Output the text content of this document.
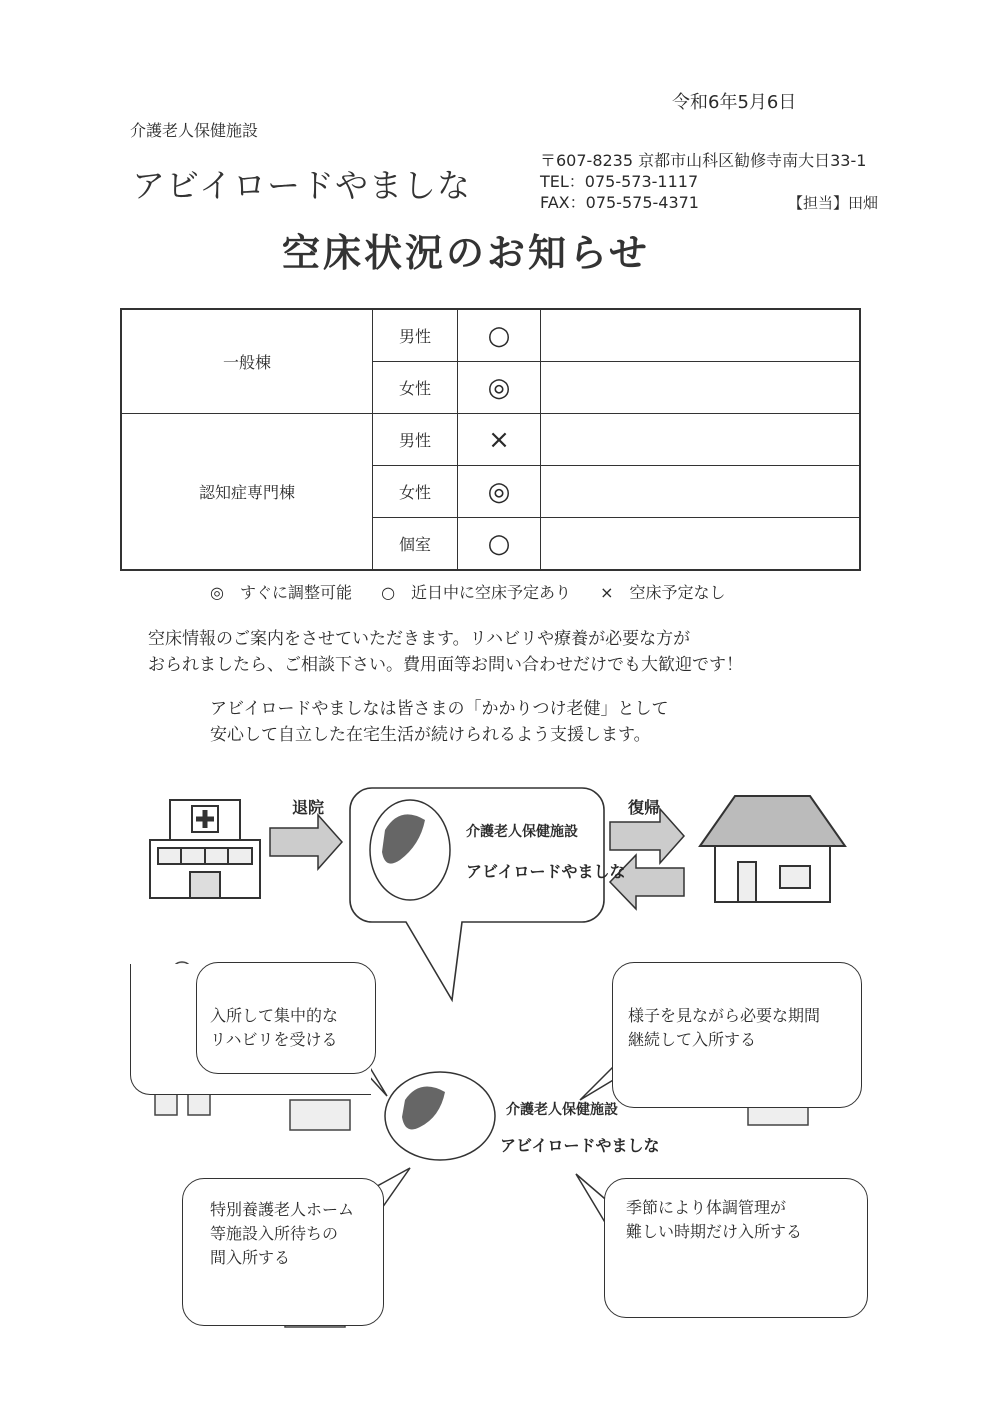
令和6年5月6日
介護老人保健施設
アビイロードやましな
〒607-8235 京都市山科区勧修寺南大日33-1
TEL：075-573-1117
FAX：075-575-4371	【担当】田畑
空床状況のお知らせ
一般棟	男性	○	
	女性	◎	
認知症専門棟	男性	×	
	女性	◎	
	個室	○	
◎　すぐに調整可能 ○　近日中に空床予定あり ×　空床予定なし
空床情報のご案内をさせていただきます。リハビリや療養が必要な方が
おられましたら、ご相談下さい。費用面等お問い合わせだけでも大歓迎です！
アビイロードやましなは皆さまの「かかりつけ老健」として
安心して自立した在宅生活が続けられるよう支援します。
退院	復帰
介護老人保健施設
アビイロードやましな
介護老人保健施設
アビイロードやましな
入所して集中的な
リハビリを受ける
様子を見ながら必要な期間
継続して入所する
特別養護老人ホーム
等施設入所待ちの
間入所する
季節により体調管理が
難しい時期だけ入所する
